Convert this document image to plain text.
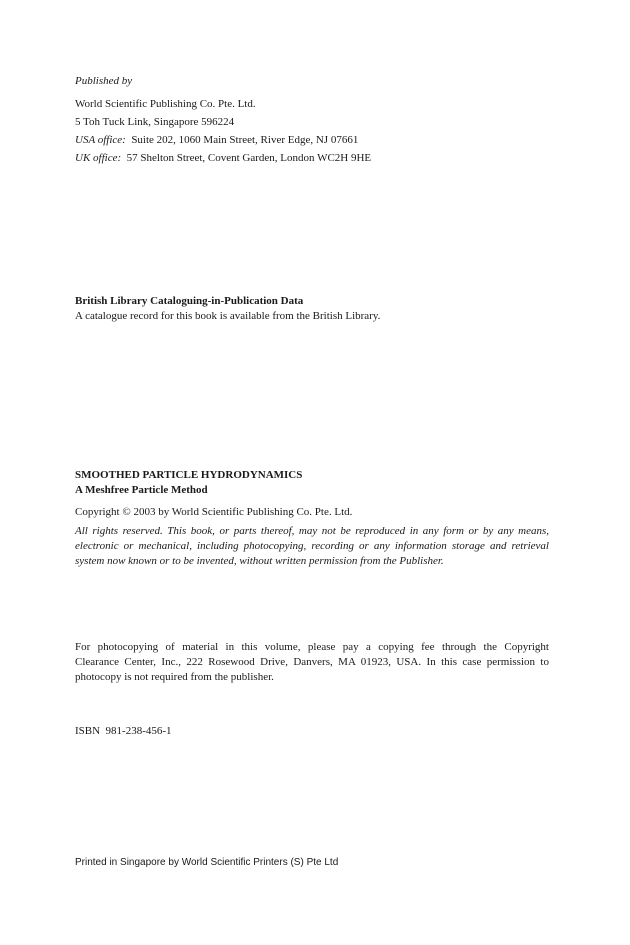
Published by
World Scientific Publishing Co. Pte. Ltd.
5 Toh Tuck Link, Singapore 596224
USA office: Suite 202, 1060 Main Street, River Edge, NJ 07661
UK office: 57 Shelton Street, Covent Garden, London WC2H 9HE
British Library Cataloguing-in-Publication Data
A catalogue record for this book is available from the British Library.
SMOOTHED PARTICLE HYDRODYNAMICS
A Meshfree Particle Method
Copyright © 2003 by World Scientific Publishing Co. Pte. Ltd.
All rights reserved. This book, or parts thereof, may not be reproduced in any form or by any means,
electronic or mechanical, including photocopying, recording or any information storage and retrieval
system now known or to be invented, without written permission from the Publisher.
For photocopying of material in this volume, please pay a copying fee through the Copyright
Clearance Center, Inc., 222 Rosewood Drive, Danvers, MA 01923, USA. In this case permission to
photocopy is not required from the publisher.
ISBN  981-238-456-1
Printed in Singapore by World Scientific Printers (S) Pte Ltd
